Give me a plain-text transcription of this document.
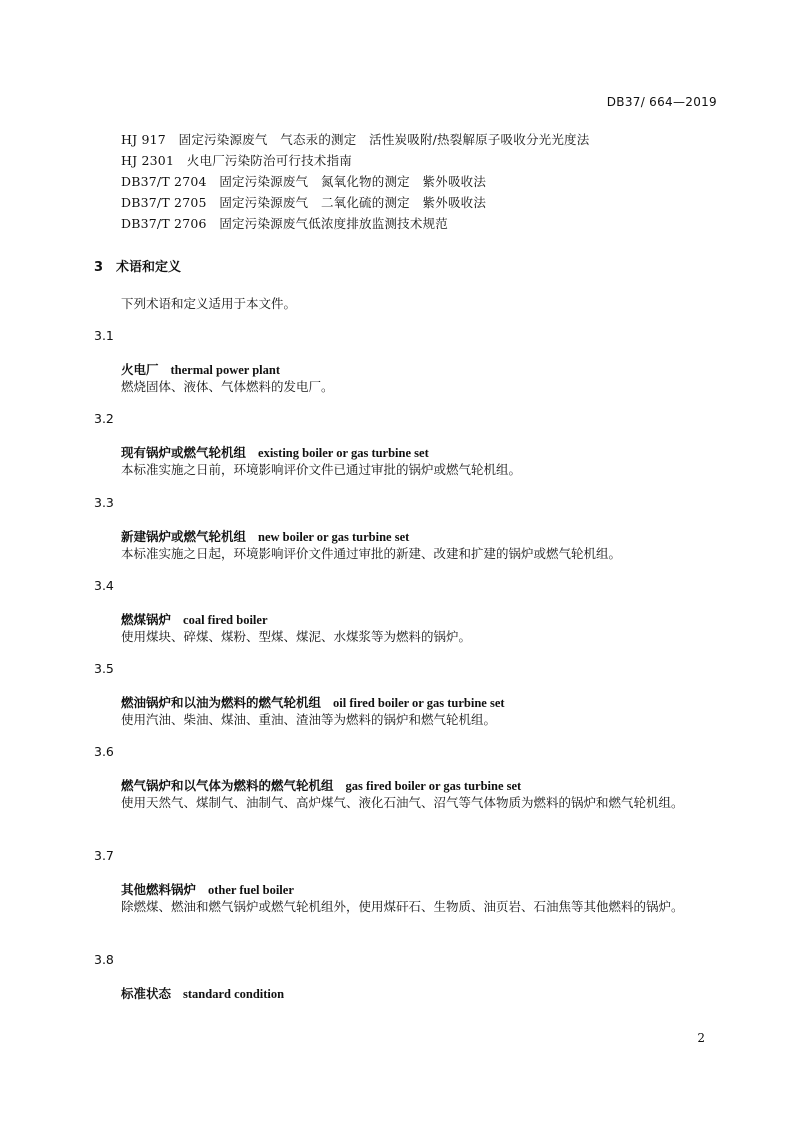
DB37/ 664—2019
HJ 917　固定污染源废气　气态汞的测定　活性炭吸附/热裂解原子吸收分光光度法
HJ 2301　火电厂污染防治可行技术指南
DB37/T 2704　固定污染源废气　氮氧化物的测定　紫外吸收法
DB37/T 2705　固定污染源废气　二氧化硫的测定　紫外吸收法
DB37/T 2706　固定污染源废气低浓度排放监测技术规范
3　术语和定义
下列术语和定义适用于本文件。
3.1
火电厂 thermal power plant
燃烧固体、液体、气体燃料的发电厂。
3.2
现有锅炉或燃气轮机组 existing boiler or gas turbine set
本标准实施之日前，环境影响评价文件已通过审批的锅炉或燃气轮机组。
3.3
新建锅炉或燃气轮机组 new boiler or gas turbine set
本标准实施之日起，环境影响评价文件通过审批的新建、改建和扩建的锅炉或燃气轮机组。
3.4
燃煤锅炉 coal fired boiler
使用煤块、碎煤、煤粉、型煤、煤泥、水煤浆等为燃料的锅炉。
3.5
燃油锅炉和以油为燃料的燃气轮机组 oil fired boiler or gas turbine set
使用汽油、柴油、煤油、重油、渣油等为燃料的锅炉和燃气轮机组。
3.6
燃气锅炉和以气体为燃料的燃气轮机组 gas fired boiler or gas turbine set
使用天然气、煤制气、油制气、高炉煤气、液化石油气、沼气等气体物质为燃料的锅炉和燃气轮机组。
3.7
其他燃料锅炉 other fuel boiler
除燃煤、燃油和燃气锅炉或燃气轮机组外，使用煤矸石、生物质、油页岩、石油焦等其他燃料的锅炉。
3.8
标准状态 standard condition
2
